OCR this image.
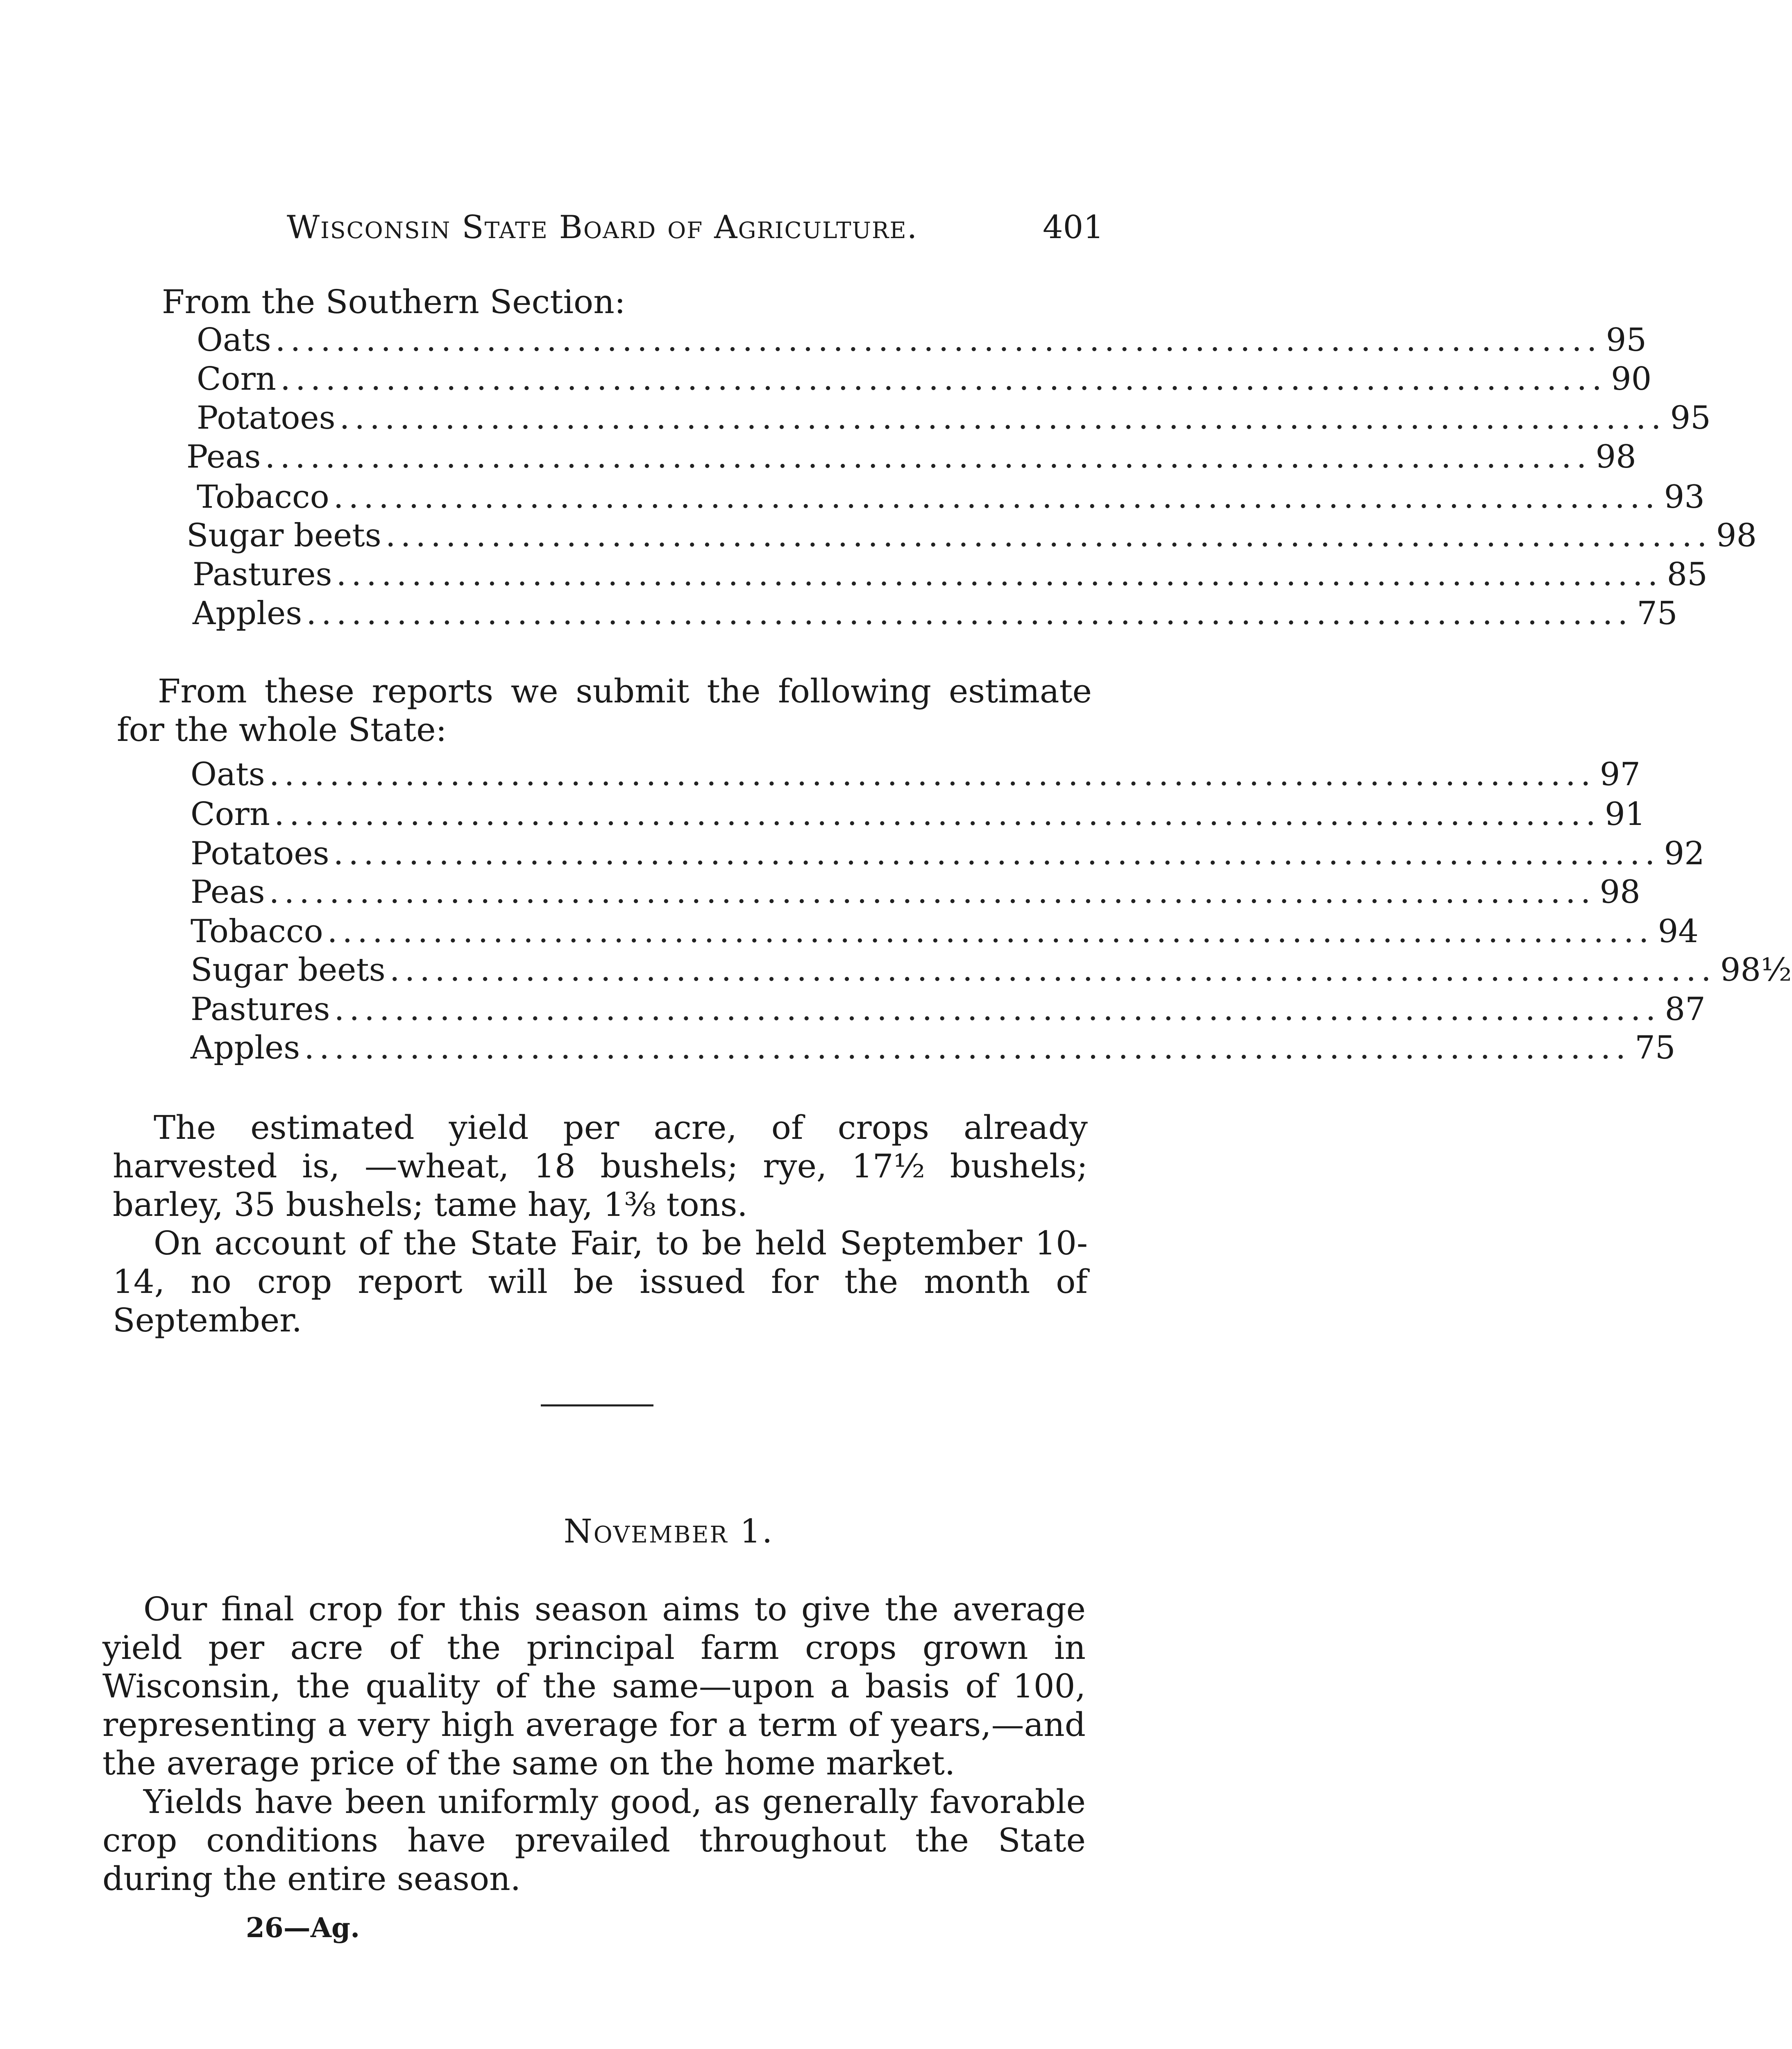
Wisconsin State Board of Agriculture.	401
From the Southern Section:
Oats ........................................................................................ 95
Corn ........................................................................................ 90
Potatoes ........................................................................................ 95
Peas ........................................................................................ 98
Tobacco ........................................................................................ 93
Sugar beets ........................................................................................ 98
Pastures ........................................................................................ 85
Apples ........................................................................................ 75

From these reports we submit the following estimate for the whole State:

Oats ........................................................................................ 97
Corn ........................................................................................ 91
Potatoes ........................................................................................ 92
Peas ........................................................................................ 98
Tobacco ........................................................................................ 94
Sugar beets ........................................................................................ 98½
Pastures ........................................................................................ 87
Apples ........................................................................................ 75

The estimated yield per acre, of crops already harvested is, —wheat, 18 bushels; rye, 17½ bushels; barley, 35 bushels; tame hay, 1⅜ tons.

On account of the State Fair, to be held September 10-14, no crop report will be issued for the month of September.

November 1.

Our final crop for this season aims to give the average yield per acre of the principal farm crops grown in Wisconsin, the quality of the same—upon a basis of 100, representing a very high average for a term of years,—and the average price of the same on the home market.

Yields have been uniformly good, as generally favorable crop conditions have prevailed throughout the State during the entire season.

26—Ag.
